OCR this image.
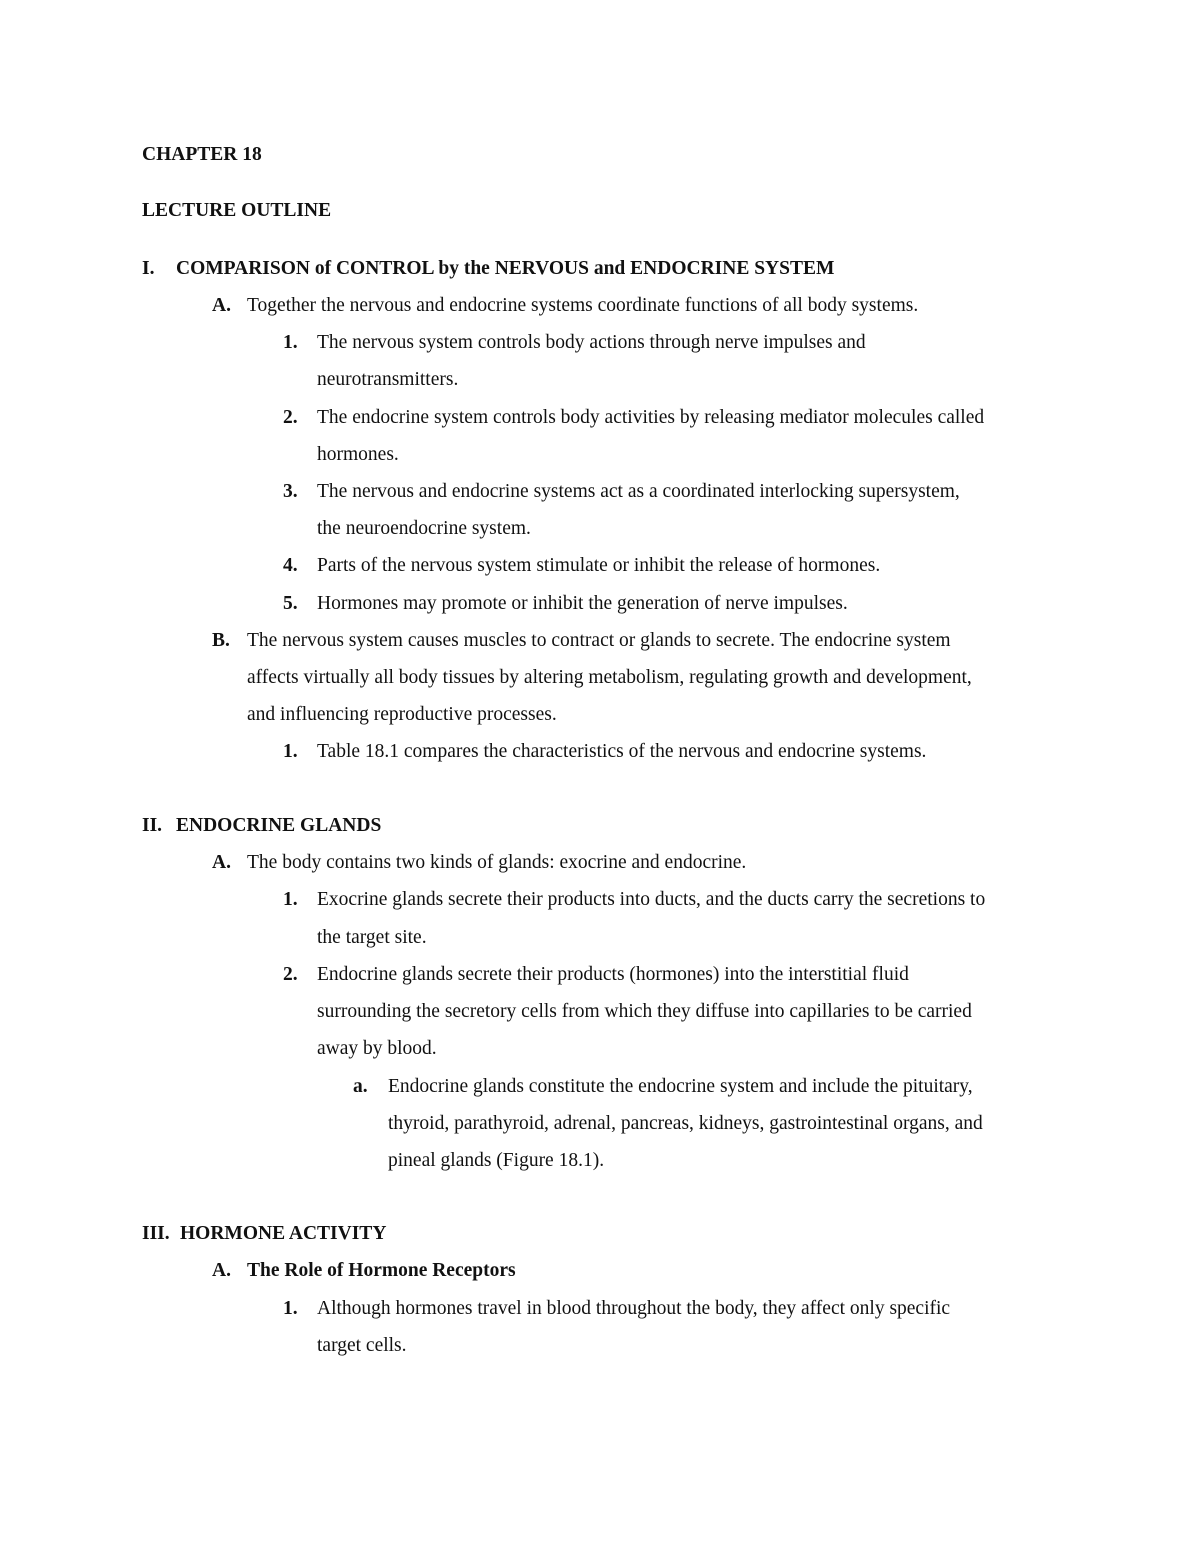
CHAPTER 18
LECTURE OUTLINE
I. COMPARISON of CONTROL by the NERVOUS and ENDOCRINE SYSTEM
A. Together the nervous and endocrine systems coordinate functions of all body systems.
1. The nervous system controls body actions through nerve impulses and
neurotransmitters.
2. The endocrine system controls body activities by releasing mediator molecules called
hormones.
3. The nervous and endocrine systems act as a coordinated interlocking supersystem,
the neuroendocrine system.
4. Parts of the nervous system stimulate or inhibit the release of hormones.
5. Hormones may promote or inhibit the generation of nerve impulses.
B. The nervous system causes muscles to contract or glands to secrete. The endocrine system
affects virtually all body tissues by altering metabolism, regulating growth and development,
and influencing reproductive processes.
1. Table 18.1 compares the characteristics of the nervous and endocrine systems.
II. ENDOCRINE GLANDS
A. The body contains two kinds of glands: exocrine and endocrine.
1. Exocrine glands secrete their products into ducts, and the ducts carry the secretions to
the target site.
2. Endocrine glands secrete their products (hormones) into the interstitial fluid
surrounding the secretory cells from which they diffuse into capillaries to be carried
away by blood.
a. Endocrine glands constitute the endocrine system and include the pituitary,
thyroid, parathyroid, adrenal, pancreas, kidneys, gastrointestinal organs, and
pineal glands (Figure 18.1).
III. HORMONE ACTIVITY
A. The Role of Hormone Receptors
1. Although hormones travel in blood throughout the body, they affect only specific
target cells.
